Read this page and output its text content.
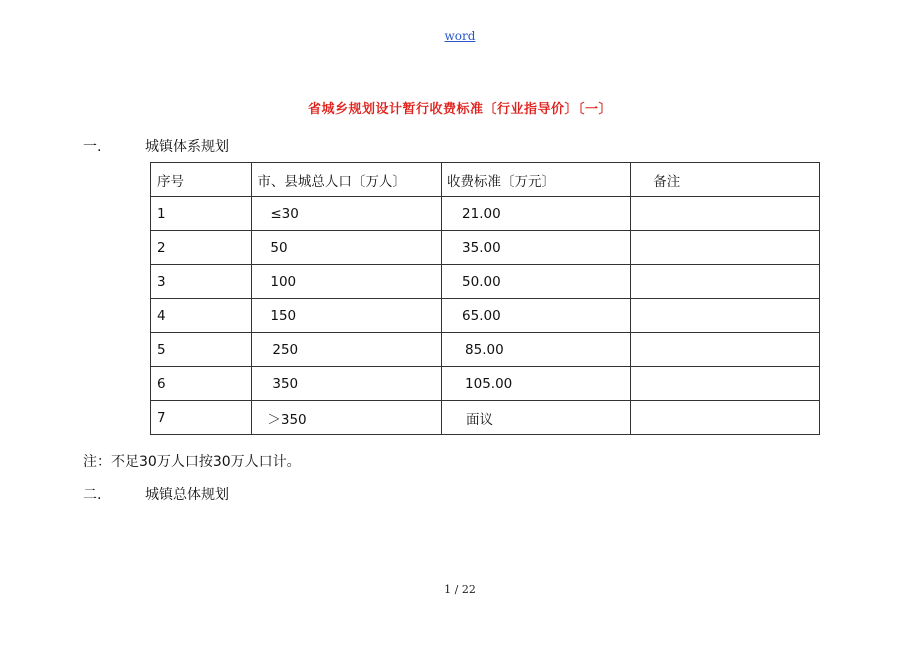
word
省城乡规划设计暂行收费标准〔行业指导价〕〔一〕
一.	城镇体系规划
序号	市、县城总人口〔万人〕	收费标准〔万元〕	备注
1	≤30	21.00	
2	50	35.00	
3	100	50.00	
4	150	65.00	
5	250	85.00	
6	350	105.00	
7	＞350	面议	
注：不足30万人口按30万人口计。
二.	城镇总体规划
1 / 22
